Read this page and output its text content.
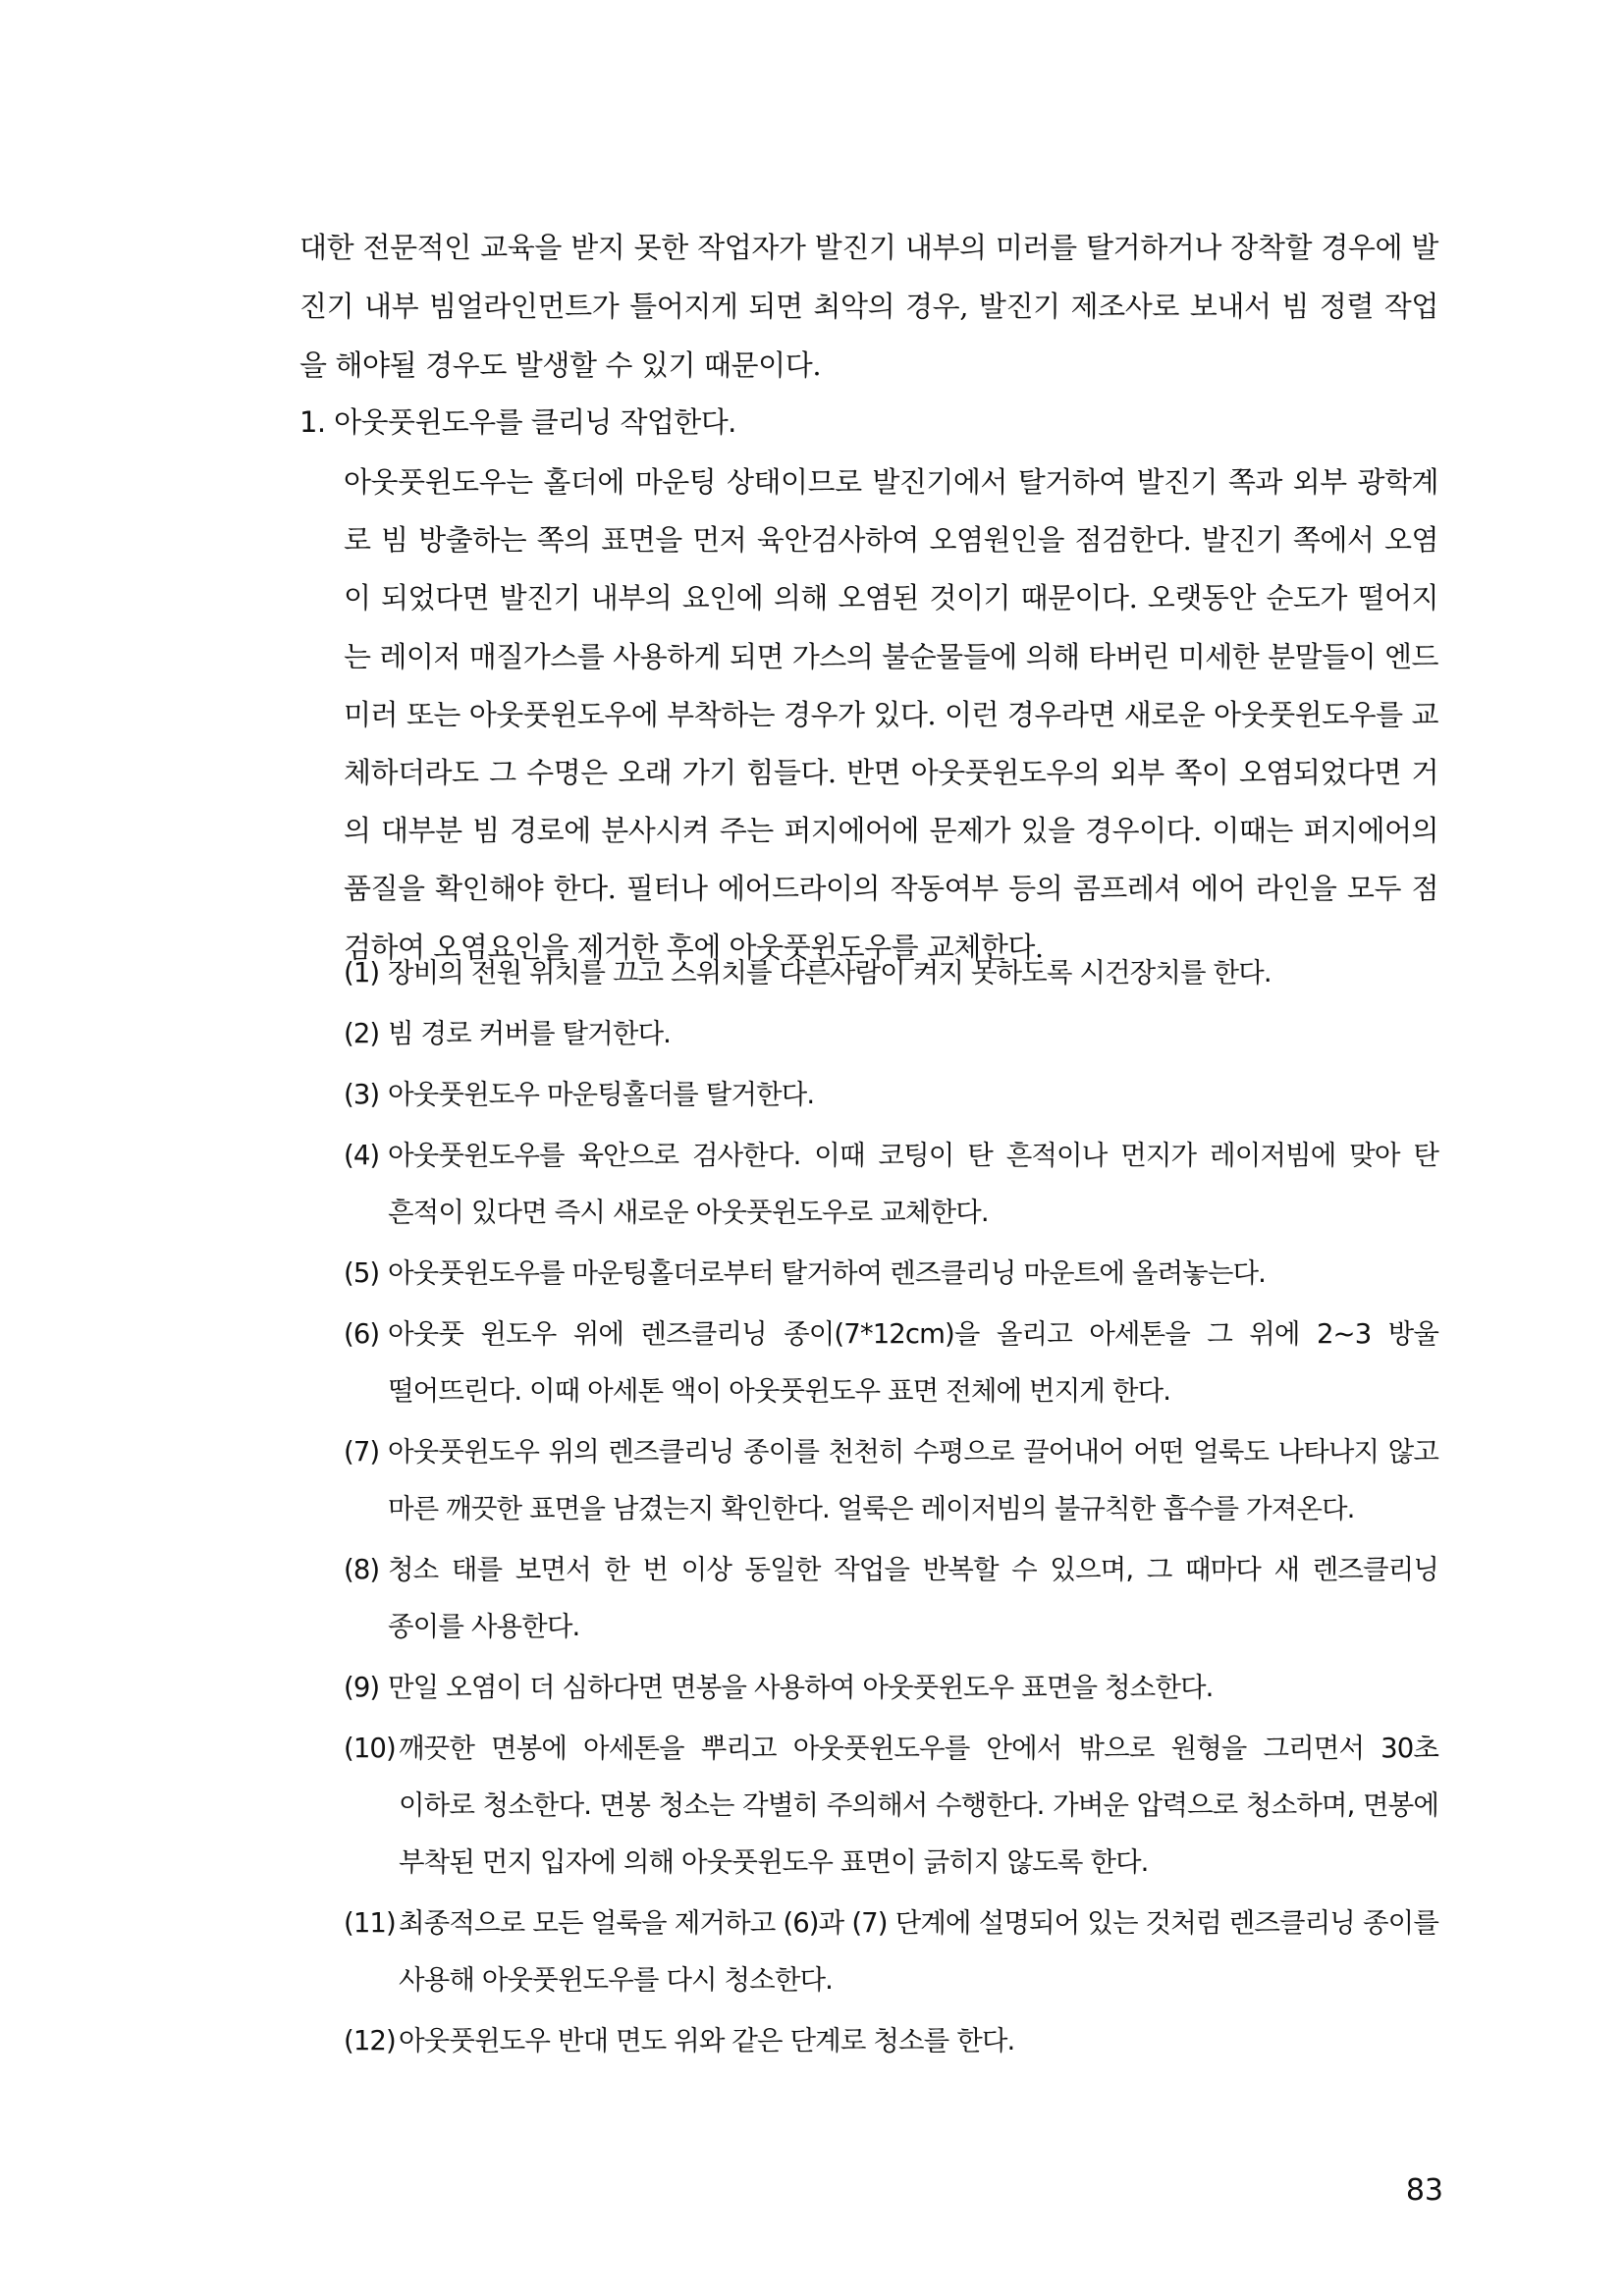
대한 전문적인 교육을 받지 못한 작업자가 발진기 내부의 미러를 탈거하거나 장착할 경우에 발진기 내부 빔얼라인먼트가 틀어지게 되면 최악의 경우, 발진기 제조사로 보내서 빔 정렬 작업을 해야될 경우도 발생할 수 있기 때문이다.

1. 아웃풋윈도우를 클리닝 작업한다.

아웃풋윈도우는 홀더에 마운팅 상태이므로 발진기에서 탈거하여 발진기 쪽과 외부 광학계로 빔 방출하는 쪽의 표면을 먼저 육안검사하여 오염원인을 점검한다. 발진기 쪽에서 오염이 되었다면 발진기 내부의 요인에 의해 오염된 것이기 때문이다. 오랫동안 순도가 떨어지는 레이저 매질가스를 사용하게 되면 가스의 불순물들에 의해 타버린 미세한 분말들이 엔드미러 또는 아웃풋윈도우에 부착하는 경우가 있다. 이런 경우라면 새로운 아웃풋윈도우를 교체하더라도 그 수명은 오래 가기 힘들다. 반면 아웃풋윈도우의 외부 쪽이 오염되었다면 거의 대부분 빔 경로에 분사시켜 주는 퍼지에어에 문제가 있을 경우이다. 이때는 퍼지에어의 품질을 확인해야 한다. 필터나 에어드라이의 작동여부 등의 콤프레셔 에어 라인을 모두 점검하여 오염요인을 제거한 후에 아웃풋윈도우를 교체한다.

(1) 장비의 전원 위치를 끄고 스위치를 다른사람이 켜지 못하도록 시건장치를 한다.
(2) 빔 경로 커버를 탈거한다.
(3) 아웃풋윈도우 마운팅홀더를 탈거한다.
(4) 아웃풋윈도우를 육안으로 검사한다. 이때 코팅이 탄 흔적이나 먼지가 레이저빔에 맞아 탄 흔적이 있다면 즉시 새로운 아웃풋윈도우로 교체한다.
(5) 아웃풋윈도우를 마운팅홀더로부터 탈거하여 렌즈클리닝 마운트에 올려놓는다.
(6) 아웃풋 윈도우 위에 렌즈클리닝 종이(7*12cm)을 올리고 아세톤을 그 위에 2~3 방울 떨어뜨린다. 이때 아세톤 액이 아웃풋윈도우 표면 전체에 번지게 한다.
(7) 아웃풋윈도우 위의 렌즈클리닝 종이를 천천히 수평으로 끌어내어 어떤 얼룩도 나타나지 않고 마른 깨끗한 표면을 남겼는지 확인한다. 얼룩은 레이저빔의 불규칙한 흡수를 가져온다.
(8) 청소 태를 보면서 한 번 이상 동일한 작업을 반복할 수 있으며, 그 때마다 새 렌즈클리닝 종이를 사용한다.
(9) 만일 오염이 더 심하다면 면봉을 사용하여 아웃풋윈도우 표면을 청소한다.
(10) 깨끗한 면봉에 아세톤을 뿌리고 아웃풋윈도우를 안에서 밖으로 원형을 그리면서 30초 이하로 청소한다. 면봉 청소는 각별히 주의해서 수행한다. 가벼운 압력으로 청소하며, 면봉에 부착된 먼지 입자에 의해 아웃풋윈도우 표면이 긁히지 않도록 한다.
(11) 최종적으로 모든 얼룩을 제거하고 (6)과 (7) 단계에 설명되어 있는 것처럼 렌즈클리닝 종이를 사용해 아웃풋윈도우를 다시 청소한다.
(12) 아웃풋윈도우 반대 면도 위와 같은 단계로 청소를 한다.
83
